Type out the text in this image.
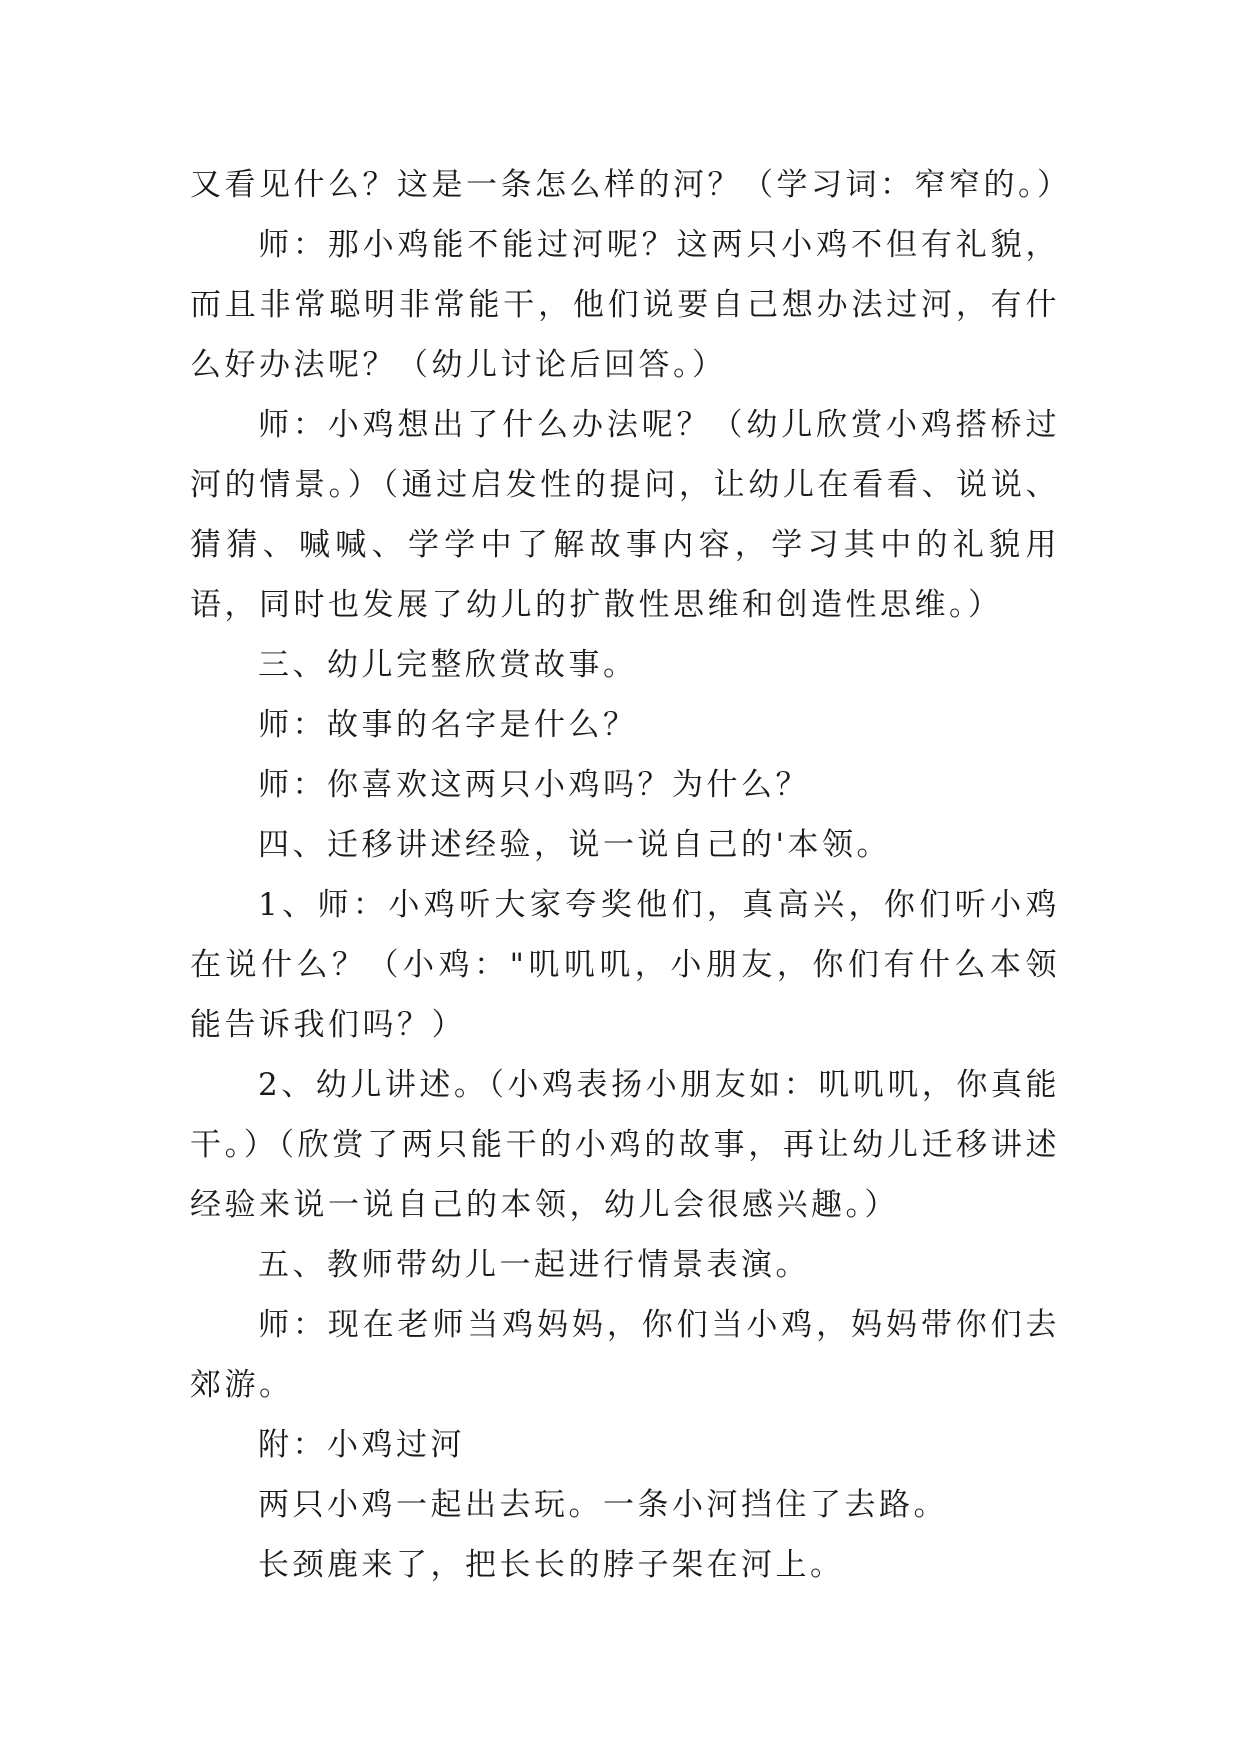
又看见什么？这是一条怎么样的河？（学习词：窄窄的。）

师：那小鸡能不能过河呢？这两只小鸡不但有礼貌，而且非常聪明非常能干，他们说要自己想办法过河，有什么好办法呢？（幼儿讨论后回答。）

师：小鸡想出了什么办法呢？（幼儿欣赏小鸡搭桥过河的情景。）（通过启发性的提问，让幼儿在看看、说说、猜猜、喊喊、学学中了解故事内容，学习其中的礼貌用语，同时也发展了幼儿的扩散性思维和创造性思维。）

三、幼儿完整欣赏故事。

师：故事的名字是什么？

师：你喜欢这两只小鸡吗？为什么？

四、迁移讲述经验，说一说自己的'本领。

1、师：小鸡听大家夸奖他们，真高兴，你们听小鸡在说什么？（小鸡："叽叽叽，小朋友，你们有什么本领能告诉我们吗？）

2、幼儿讲述。（小鸡表扬小朋友如：叽叽叽，你真能干。）（欣赏了两只能干的小鸡的故事，再让幼儿迁移讲述经验来说一说自己的本领，幼儿会很感兴趣。）

五、教师带幼儿一起进行情景表演。

师：现在老师当鸡妈妈，你们当小鸡，妈妈带你们去郊游。

附：小鸡过河

两只小鸡一起出去玩。一条小河挡住了去路。

长颈鹿来了，把长长的脖子架在河上。
